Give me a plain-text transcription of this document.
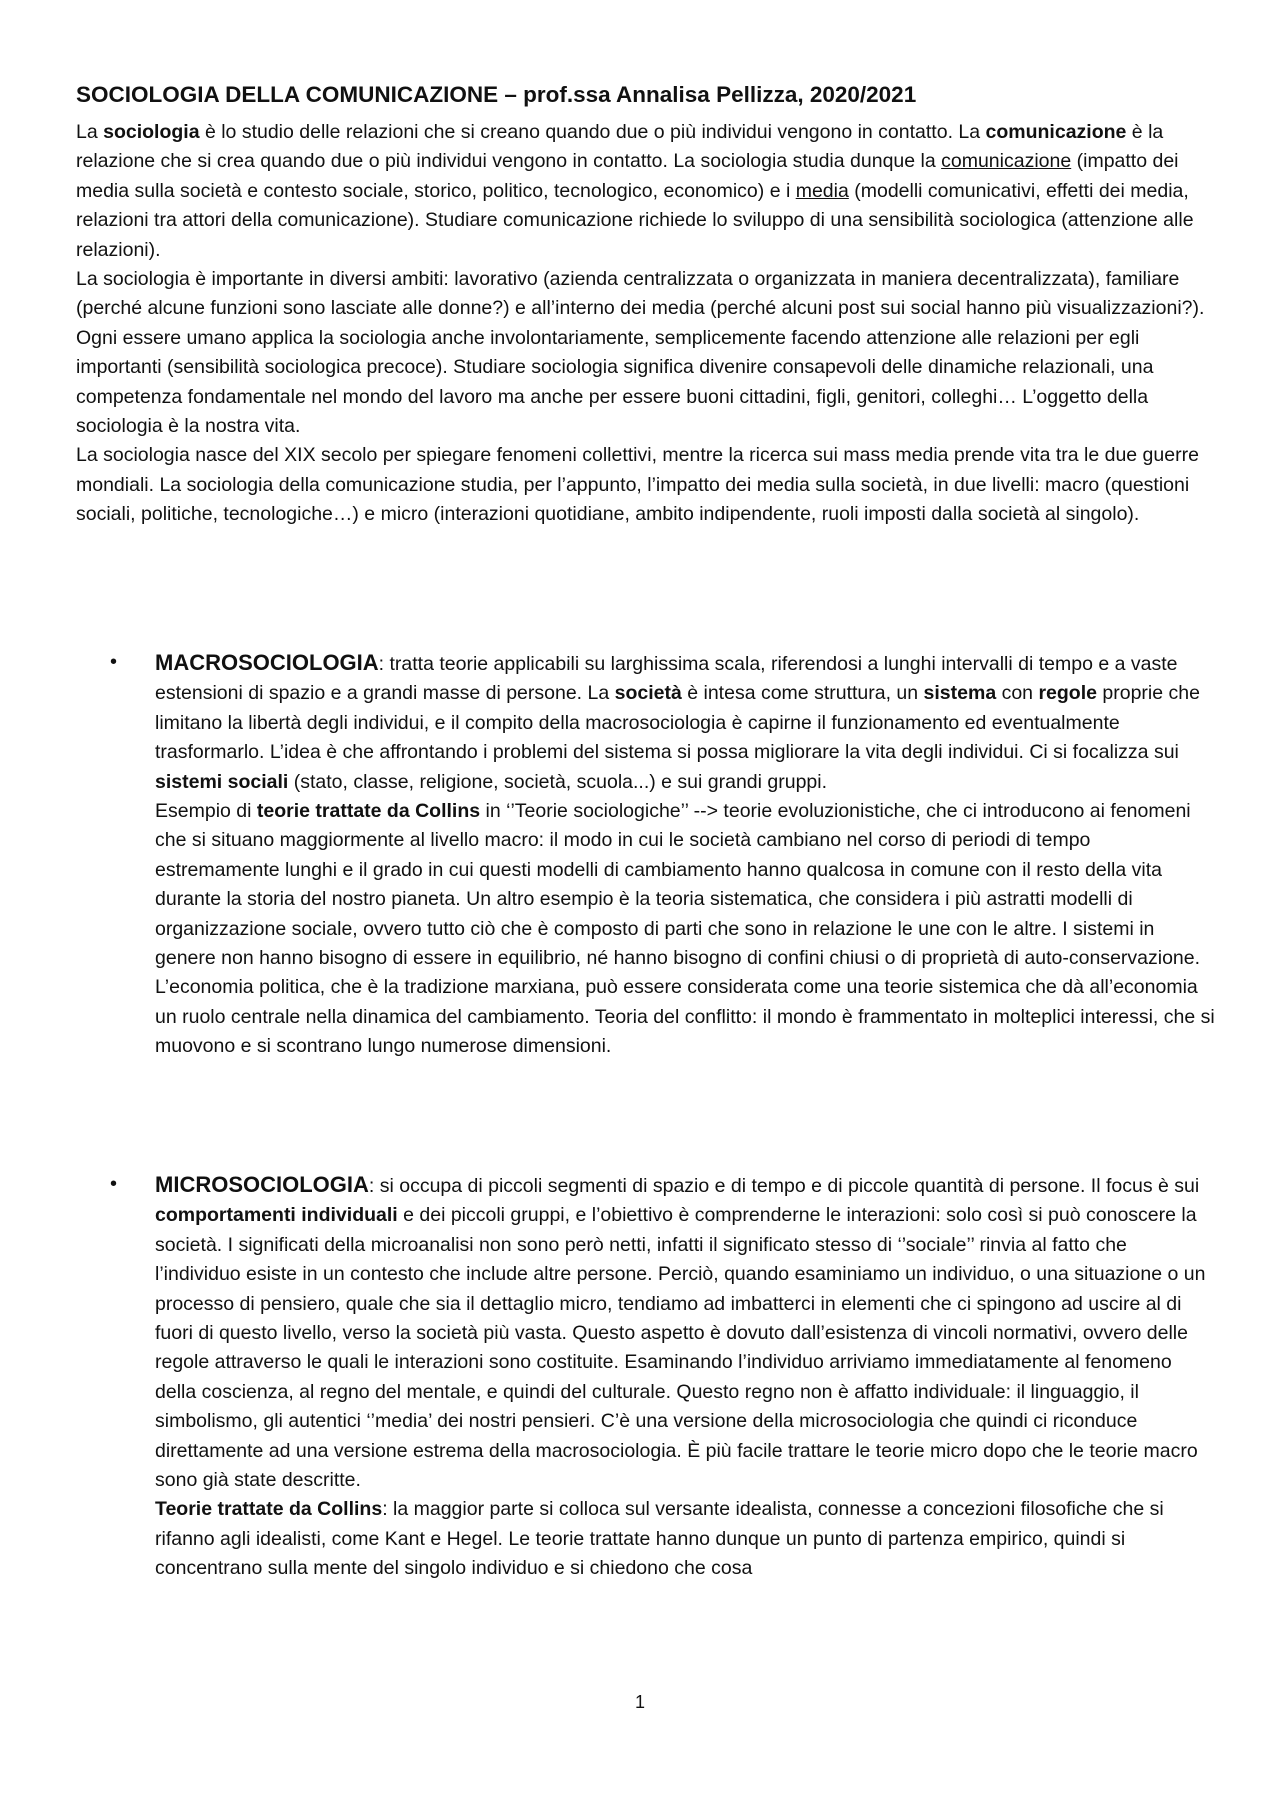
SOCIOLOGIA DELLA COMUNICAZIONE – prof.ssa Annalisa Pellizza, 2020/2021

La sociologia è lo studio delle relazioni che si creano quando due o più individui vengono in contatto. La comunicazione è la relazione che si crea quando due o più individui vengono in contatto. La sociologia studia dunque la comunicazione (impatto dei media sulla società e contesto sociale, storico, politico, tecnologico, economico) e i media (modelli comunicativi, effetti dei media, relazioni tra attori della comunicazione). Studiare comunicazione richiede lo sviluppo di una sensibilità sociologica (attenzione alle relazioni).

La sociologia è importante in diversi ambiti: lavorativo (azienda centralizzata o organizzata in maniera decentralizzata), familiare (perché alcune funzioni sono lasciate alle donne?) e all’interno dei media (perché alcuni post sui social hanno più visualizzazioni?). Ogni essere umano applica la sociologia anche involontariamente, semplicemente facendo attenzione alle relazioni per egli importanti (sensibilità sociologica precoce). Studiare sociologia significa divenire consapevoli delle dinamiche relazionali, una competenza fondamentale nel mondo del lavoro ma anche per essere buoni cittadini, figli, genitori, colleghi… L’oggetto della sociologia è la nostra vita.

La sociologia nasce del XIX secolo per spiegare fenomeni collettivi, mentre la ricerca sui mass media prende vita tra le due guerre mondiali. La sociologia della comunicazione studia, per l’appunto, l’impatto dei media sulla società, in due livelli: macro (questioni sociali, politiche, tecnologiche…) e micro (interazioni quotidiane, ambito indipendente, ruoli imposti dalla società al singolo).

• MACROSOCIOLOGIA: tratta teorie applicabili su larghissima scala, riferendosi a lunghi intervalli di tempo e a vaste estensioni di spazio e a grandi masse di persone. La società è intesa come struttura, un sistema con regole proprie che limitano la libertà degli individui, e il compito della macrosociologia è capirne il funzionamento ed eventualmente trasformarlo. L’idea è che affrontando i problemi del sistema si possa migliorare la vita degli individui. Ci si focalizza sui sistemi sociali (stato, classe, religione, società, scuola...) e sui grandi gruppi.

Esempio di teorie trattate da Collins in ‘’Teorie sociologiche’’ --> teorie evoluzionistiche, che ci introducono ai fenomeni che si situano maggiormente al livello macro: il modo in cui le società cambiano nel corso di periodi di tempo estremamente lunghi e il grado in cui questi modelli di cambiamento hanno qualcosa in comune con il resto della vita durante la storia del nostro pianeta. Un altro esempio è la teoria sistematica, che considera i più astratti modelli di organizzazione sociale, ovvero tutto ciò che è composto di parti che sono in relazione le une con le altre. I sistemi in genere non hanno bisogno di essere in equilibrio, né hanno bisogno di confini chiusi o di proprietà di auto-conservazione. L’economia politica, che è la tradizione marxiana, può essere considerata come una teorie sistemica che dà all’economia un ruolo centrale nella dinamica del cambiamento. Teoria del conflitto: il mondo è frammentato in molteplici interessi, che si muovono e si scontrano lungo numerose dimensioni.

• MICROSOCIOLOGIA: si occupa di piccoli segmenti di spazio e di tempo e di piccole quantità di persone. Il focus è sui comportamenti individuali e dei piccoli gruppi, e l’obiettivo è comprenderne le interazioni: solo così si può conoscere la società. I significati della microanalisi non sono però netti, infatti il significato stesso di ‘’sociale’’ rinvia al fatto che l’individuo esiste in un contesto che include altre persone. Perciò, quando esaminiamo un individuo, o una situazione o un processo di pensiero, quale che sia il dettaglio micro, tendiamo ad imbatterci in elementi che ci spingono ad uscire al di fuori di questo livello, verso la società più vasta. Questo aspetto è dovuto dall’esistenza di vincoli normativi, ovvero delle regole attraverso le quali le interazioni sono costituite. Esaminando l’individuo arriviamo immediatamente al fenomeno della coscienza, al regno del mentale, e quindi del culturale. Questo regno non è affatto individuale: il linguaggio, il simbolismo, gli autentici ‘’media’ dei nostri pensieri. C’è una versione della microsociologia che quindi ci riconduce direttamente ad una versione estrema della macrosociologia. È più facile trattare le teorie micro dopo che le teorie macro sono già state descritte.

Teorie trattate da Collins: la maggior parte si colloca sul versante idealista, connesse a concezioni filosofiche che si rifanno agli idealisti, come Kant e Hegel. Le teorie trattate hanno dunque un punto di partenza empirico, quindi si concentrano sulla mente del singolo individuo e si chiedono che cosa

1
